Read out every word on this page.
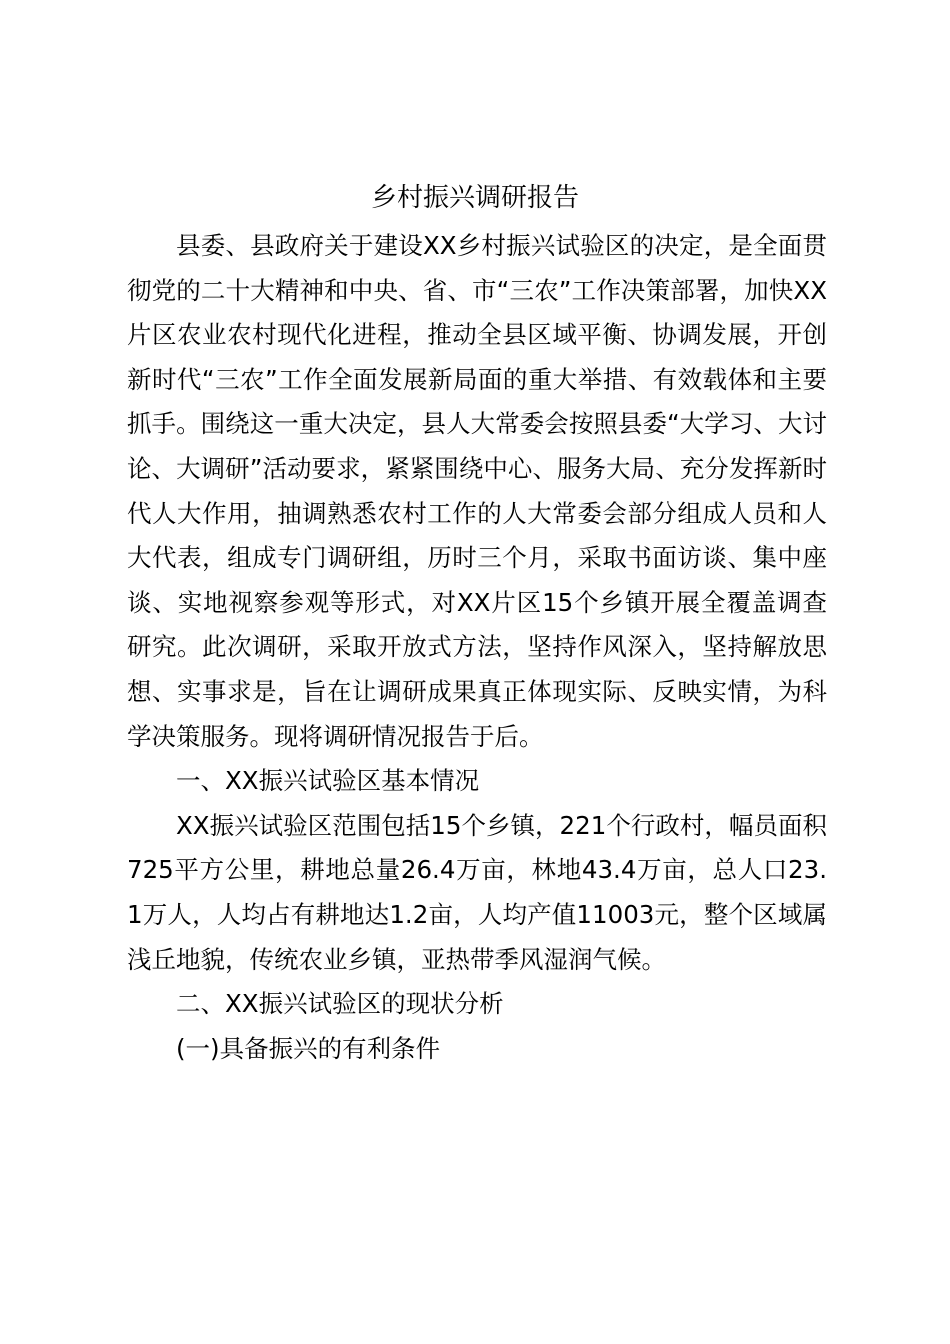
乡村振兴调研报告

县委、县政府关于建设XX乡村振兴试验区的决定，是全面贯彻党的二十大精神和中央、省、市“三农”工作决策部署，加快XX片区农业农村现代化进程，推动全县区域平衡、协调发展，开创新时代“三农”工作全面发展新局面的重大举措、有效载体和主要抓手。围绕这一重大决定，县人大常委会按照县委“大学习、大讨论、大调研”活动要求，紧紧围绕中心、服务大局、充分发挥新时代人大作用，抽调熟悉农村工作的人大常委会部分组成人员和人大代表，组成专门调研组，历时三个月，采取书面访谈、集中座谈、实地视察参观等形式，对XX片区15个乡镇开展全覆盖调查研究。此次调研，采取开放式方法，坚持作风深入，坚持解放思想、实事求是，旨在让调研成果真正体现实际、反映实情，为科学决策服务。现将调研情况报告于后。

一、XX振兴试验区基本情况

XX振兴试验区范围包括15个乡镇，221个行政村，幅员面积725平方公里，耕地总量26.4万亩，林地43.4万亩，总人口23.1万人，人均占有耕地达1.2亩，人均产值11003元，整个区域属浅丘地貌，传统农业乡镇，亚热带季风湿润气候。

二、XX振兴试验区的现状分析

(一)具备振兴的有利条件
